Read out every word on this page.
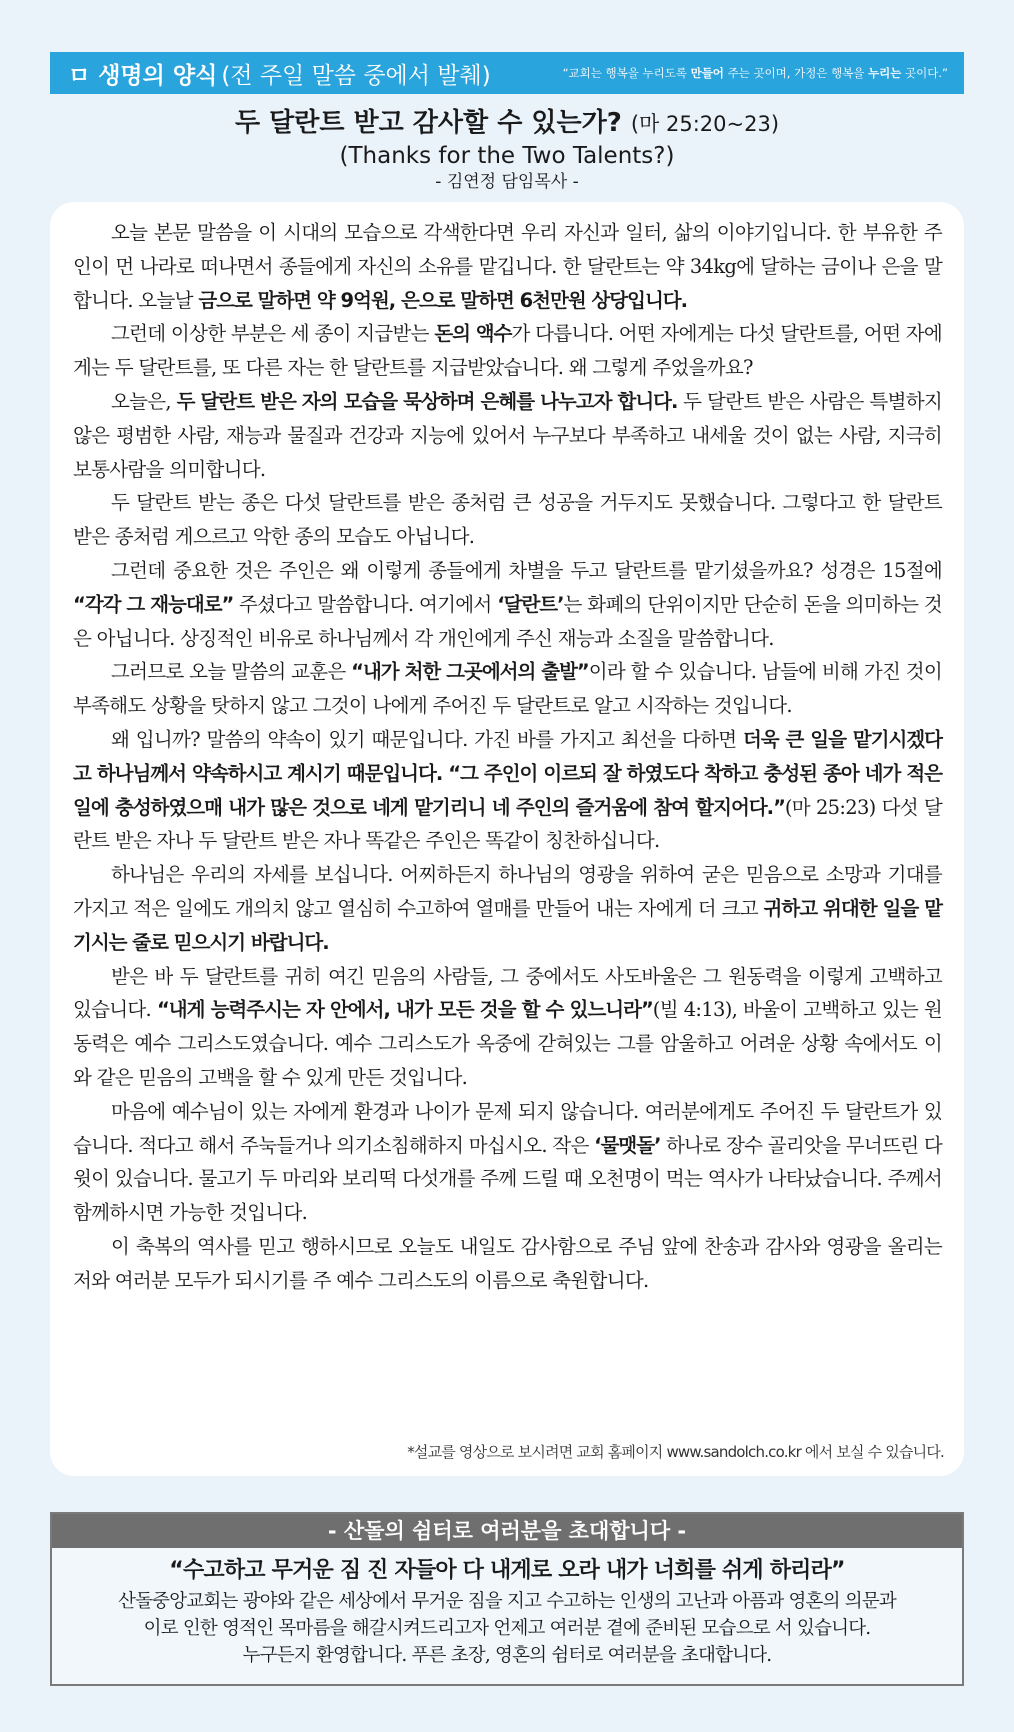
ㅁ 생명의 양식 (전 주일 말씀 중에서 발췌)	“교회는 행복을 누리도록 만들어 주는 곳이며, 가정은 행복을 누리는 곳이다.”
두 달란트 받고 감사할 수 있는가? (마 25:20~23)
(Thanks for the Two Talents?)
- 김연정 담임목사 -

오늘 본문 말씀을 이 시대의 모습으로 각색한다면 우리 자신과 일터, 삶의 이야기입니다. 한 부유한 주인이 먼 나라로 떠나면서 종들에게 자신의 소유를 맡깁니다. 한 달란트는 약 34kg에 달하는 금이나 은을 말합니다. 오늘날 금으로 말하면 약 9억원, 은으로 말하면 6천만원 상당입니다.

그런데 이상한 부분은 세 종이 지급받는 돈의 액수가 다릅니다. 어떤 자에게는 다섯 달란트를, 어떤 자에게는 두 달란트를, 또 다른 자는 한 달란트를 지급받았습니다. 왜 그렇게 주었을까요?

오늘은, 두 달란트 받은 자의 모습을 묵상하며 은혜를 나누고자 합니다. 두 달란트 받은 사람은 특별하지 않은 평범한 사람, 재능과 물질과 건강과 지능에 있어서 누구보다 부족하고 내세울 것이 없는 사람, 지극히 보통사람을 의미합니다.

두 달란트 받는 종은 다섯 달란트를 받은 종처럼 큰 성공을 거두지도 못했습니다. 그렇다고 한 달란트 받은 종처럼 게으르고 악한 종의 모습도 아닙니다.

그런데 중요한 것은 주인은 왜 이렇게 종들에게 차별을 두고 달란트를 맡기셨을까요? 성경은 15절에 “각각 그 재능대로” 주셨다고 말씀합니다. 여기에서 ‘달란트’는 화폐의 단위이지만 단순히 돈을 의미하는 것은 아닙니다. 상징적인 비유로 하나님께서 각 개인에게 주신 재능과 소질을 말씀합니다.

그러므로 오늘 말씀의 교훈은 “내가 처한 그곳에서의 출발”이라 할 수 있습니다. 남들에 비해 가진 것이 부족해도 상황을 탓하지 않고 그것이 나에게 주어진 두 달란트로 알고 시작하는 것입니다.

왜 입니까? 말씀의 약속이 있기 때문입니다. 가진 바를 가지고 최선을 다하면 더욱 큰 일을 맡기시겠다고 하나님께서 약속하시고 계시기 때문입니다. “그 주인이 이르되 잘 하였도다 착하고 충성된 종아 네가 적은 일에 충성하였으매 내가 많은 것으로 네게 맡기리니 네 주인의 즐거움에 참여 할지어다.”(마 25:23) 다섯 달란트 받은 자나 두 달란트 받은 자나 똑같은 주인은 똑같이 칭찬하십니다.

하나님은 우리의 자세를 보십니다. 어찌하든지 하나님의 영광을 위하여 굳은 믿음으로 소망과 기대를 가지고 적은 일에도 개의치 않고 열심히 수고하여 열매를 만들어 내는 자에게 더 크고 귀하고 위대한 일을 맡기시는 줄로 믿으시기 바랍니다.

받은 바 두 달란트를 귀히 여긴 믿음의 사람들, 그 중에서도 사도바울은 그 원동력을 이렇게 고백하고 있습니다. “내게 능력주시는 자 안에서, 내가 모든 것을 할 수 있느니라”(빌 4:13), 바울이 고백하고 있는 원동력은 예수 그리스도였습니다. 예수 그리스도가 옥중에 갇혀있는 그를 암울하고 어려운 상황 속에서도 이와 같은 믿음의 고백을 할 수 있게 만든 것입니다.

마음에 예수님이 있는 자에게 환경과 나이가 문제 되지 않습니다. 여러분에게도 주어진 두 달란트가 있습니다. 적다고 해서 주눅들거나 의기소침해하지 마십시오. 작은 ‘물맷돌’ 하나로 장수 골리앗을 무너뜨린 다윗이 있습니다. 물고기 두 마리와 보리떡 다섯개를 주께 드릴 때 오천명이 먹는 역사가 나타났습니다. 주께서 함께하시면 가능한 것입니다.

이 축복의 역사를 믿고 행하시므로 오늘도 내일도 감사함으로 주님 앞에 찬송과 감사와 영광을 올리는 저와 여러분 모두가 되시기를 주 예수 그리스도의 이름으로 축원합니다.

*설교를 영상으로 보시려면 교회 홈페이지 www.sandolch.co.kr 에서 보실 수 있습니다.
- 산돌의 쉼터로 여러분을 초대합니다 -
“수고하고 무거운 짐 진 자들아 다 내게로 오라 내가 너희를 쉬게 하리라”
산돌중앙교회는 광야와 같은 세상에서 무거운 짐을 지고 수고하는 인생의 고난과 아픔과 영혼의 의문과
이로 인한 영적인 목마름을 해갈시켜드리고자 언제고 여러분 곁에 준비된 모습으로 서 있습니다.
누구든지 환영합니다. 푸른 초장, 영혼의 쉼터로 여러분을 초대합니다.
